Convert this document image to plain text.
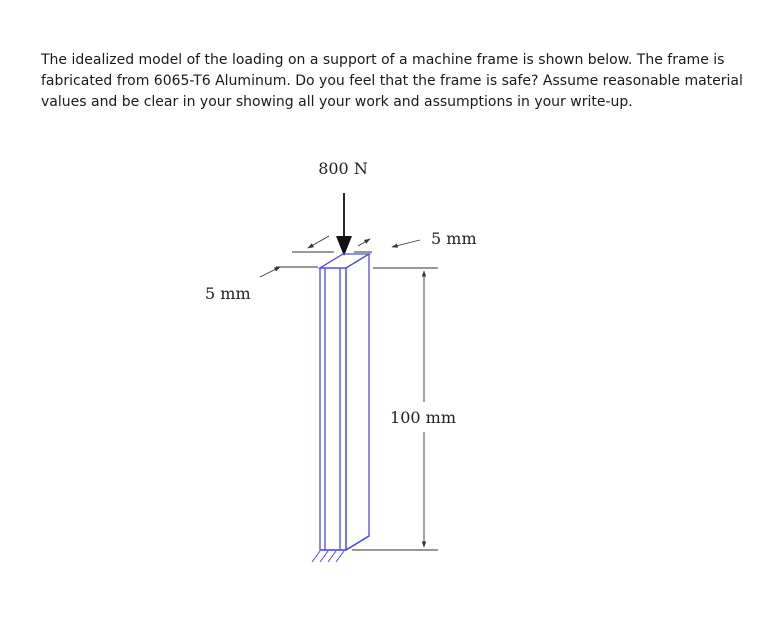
The idealized model of the loading on a support of a machine frame is shown below. The frame is
fabricated from 6065-T6 Aluminum. Do you feel that the frame is safe? Assume reasonable material
values and be clear in your showing all your work and assumptions in your write-up.

800 N
5 mm
5 mm
100 mm
